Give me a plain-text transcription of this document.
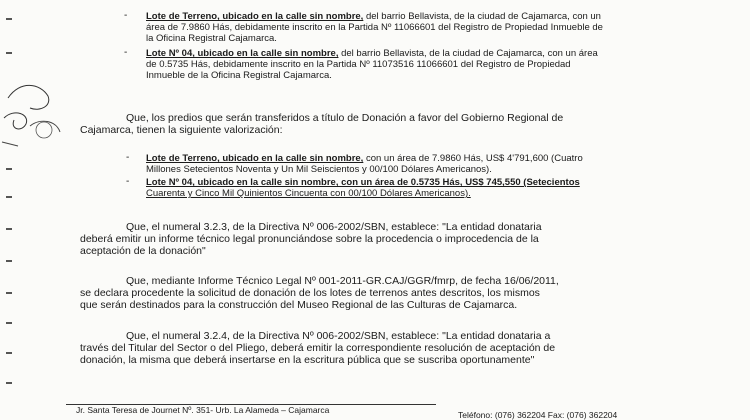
- Lote de Terreno, ubicado en la calle sin nombre, del barrio Bellavista, de la ciudad de Cajamarca, con un
área de 7.9860 Hás, debidamente inscrito en la Partida Nº 11066601 del Registro de Propiedad Inmueble de
la Oficina Registral Cajamarca.
- Lote Nº 04, ubicado en la calle sin nombre, del barrio Bellavista, de la ciudad de Cajamarca, con un área
de 0.5735 Hás, debidamente inscrito en la Partida Nº 11073516 11066601 del Registro de Propiedad
Inmueble de la Oficina Registral Cajamarca.
Que, los predios que serán transferidos a título de Donación a favor del Gobierno Regional de
Cajamarca, tienen la siguiente valorización:
- Lote de Terreno, ubicado en la calle sin nombre, con un área de 7.9860 Hás, US$ 4'791,600 (Cuatro
Millones Setecientos Noventa y Un Mil Seiscientos y 00/100 Dólares Americanos).
- Lote Nº 04, ubicado en la calle sin nombre, con un área de 0.5735 Hás, US$ 745,550 (Setecientos
Cuarenta y Cinco Mil Quinientos Cincuenta con 00/100 Dólares Americanos).
Que, el numeral 3.2.3, de la Directiva Nº 006-2002/SBN, establece: "La entidad donataria
deberá emitir un informe técnico legal pronunciándose sobre la procedencia o improcedencia de la
aceptación de la donación"
Que, mediante Informe Técnico Legal Nº 001-2011-GR.CAJ/GGR/fmrp, de fecha 16/06/2011,
se declara procedente la solicitud de donación de los lotes de terrenos antes descritos, los mismos
que serán destinados para la construcción del Museo Regional de las Culturas de Cajamarca.
Que, el numeral 3.2.4, de la Directiva Nº 006-2002/SBN, establece: "La entidad donataria a
través del Titular del Sector o del Pliego, deberá emitir la correspondiente resolución de aceptación de
donación, la misma que deberá insertarse en la escritura pública que se suscriba oportunamente"
Jr. Santa Teresa de Journet Nº. 351- Urb. La Alameda – Cajamarca	Teléfono: (076) 362204 Fax: (076) 362204
